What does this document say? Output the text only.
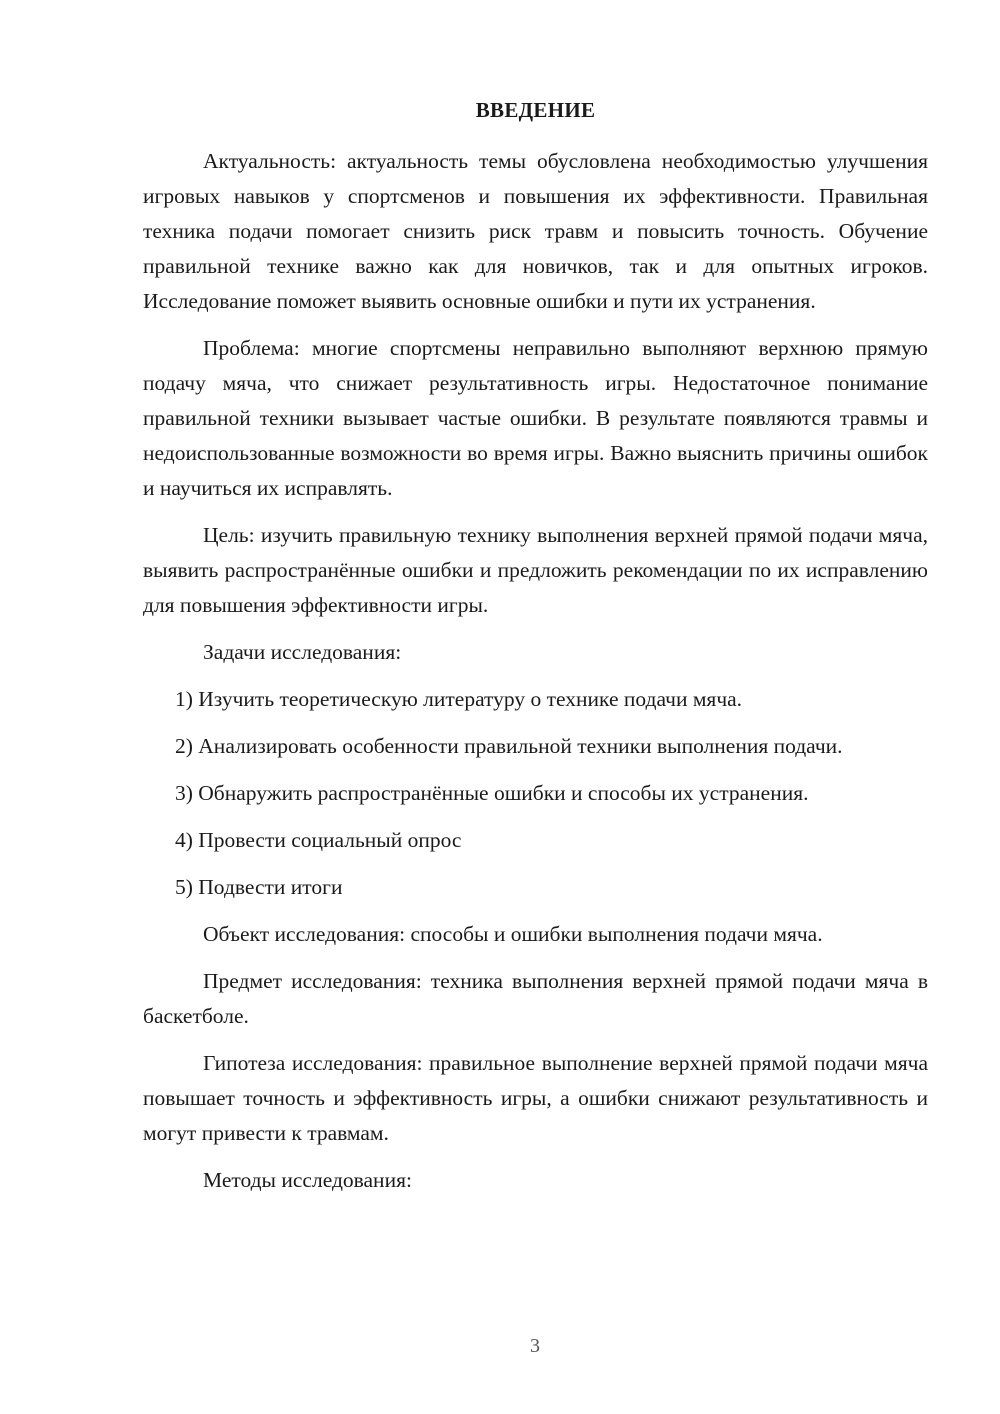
ВВЕДЕНИЕ

Актуальность: актуальность темы обусловлена необходимостью улучшения игровых навыков у спортсменов и повышения их эффективности. Правильная техника подачи помогает снизить риск травм и повысить точность. Обучение правильной технике важно как для новичков, так и для опытных игроков. Исследование поможет выявить основные ошибки и пути их устранения.

Проблема: многие спортсмены неправильно выполняют верхнюю прямую подачу мяча, что снижает результативность игры. Недостаточное понимание правильной техники вызывает частые ошибки. В результате появляются травмы и недоиспользованные возможности во время игры. Важно выяснить причины ошибок и научиться их исправлять.

Цель: изучить правильную технику выполнения верхней прямой подачи мяча, выявить распространённые ошибки и предложить рекомендации по их исправлению для повышения эффективности игры.

Задачи исследования:

1) Изучить теоретическую литературу о технике подачи мяча.

2) Анализировать особенности правильной техники выполнения подачи.

3) Обнаружить распространённые ошибки и способы их устранения.

4) Провести социальный опрос

5) Подвести итоги

Объект исследования: способы и ошибки выполнения подачи мяча.

Предмет исследования: техника выполнения верхней прямой подачи мяча в баскетболе.

Гипотеза исследования: правильное выполнение верхней прямой подачи мяча повышает точность и эффективность игры, а ошибки снижают результативность и могут привести к травмам.

Методы исследования:

3
